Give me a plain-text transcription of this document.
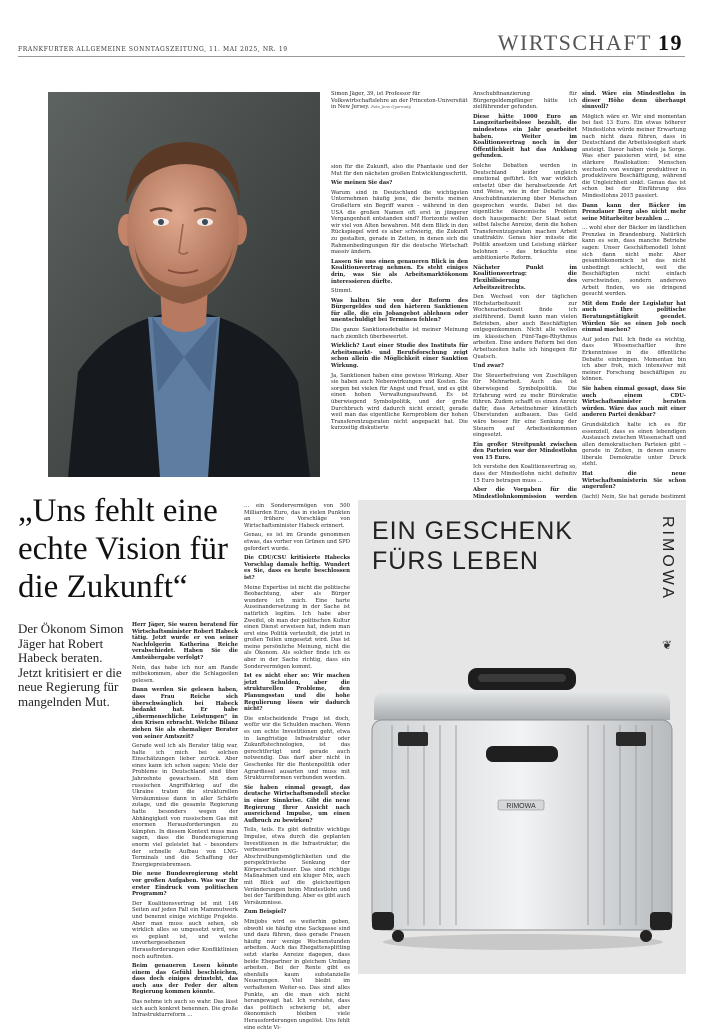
FRANKFURTER ALLGEMEINE SONNTAGSZEITUNG, 11. MAI 2025, NR. 19	WIRTSCHAFT 19
Simon Jäger, 39, ist Professor für Volkswirtschaftslehre an der Princeton-Universität in New Jersey. Foto Jens Gyarmaty

sion für die Zukunft, also die Phantasie und der Mut für den nächsten großen Entwicklungsschritt.

Wie meinen Sie das?

Warum sind in Deutschland die wichtigsten Unternehmen häufig jene, die bereits meinen Großeltern ein Begriff waren – während in den USA die großen Namen oft erst in jüngerer Vergangenheit entstanden sind? Horizonte wollen wir viel von Alten bewahren. Mit dem Blick in den Rückspiegel wird es aber schwierig, die Zukunft zu gestalten, gerade in Zeiten, in denen sich die Rahmenbedingungen für die deutsche Wirtschaft massiv ändern.

Lassen Sie uns einen genaueren Blick in den Koalitionsvertrag nehmen. Es steht einiges drin, was Sie als Arbeitsmarktökonom interessieren dürfte.

Stimmt.

Was halten Sie von der Reform des Bürgergeldes und den härteren Sanktionen für alle, die ein Jobangebot ablehnen oder unentschuldigt bei Terminen fehlen?

Die ganze Sanktionsdebatte ist meiner Meinung nach ziemlich überbewertet.

Wirklich? Laut einer Studie des Instituts für Arbeitsmarkt- und Berufsforschung zeigt schon allein die Möglichkeit einer Sanktion Wirkung.

Ja, Sanktionen haben eine gewisse Wirkung. Aber sie haben auch Nebenwirkungen und Kosten. Sie sorgen bei vielen für Angst und Frust, und es gibt einen hohen Verwaltungsaufwand. Es ist überwiegend Symbolpolitik, und der große Durchbruch wird dadurch nicht erzielt, gerade weil man das eigentliche Kernproblem der hohen Transferentzugsraten nicht angepackt hat. Die kurzzeitig diskutierte

Anschubfinanzierung für Bürgergeldempfänger hätte ich zielführender gefunden.

Diese hätte 1000 Euro an Langzeitarbeitslose bezahlt, die mindestens ein Jahr gearbeitet haben. Weiter im Koalitionsvertrag noch in der Öffentlichkeit hat das Anklang gefunden.

Solche Debatten werden in Deutschland leider ungleich emotional geführt. Ich war wirklich entsetzt über die herabsetzende Art und Weise, wie in der Debatte zur Anschubfinanzierung über Menschen gesprochen wurde. Dabei ist das eigentliche ökonomische Problem doch hausgemacht: Der Staat setzt selbst falsche Anreize, denn die hohen Transferentzugsraten machen Arbeit unattraktiv. Genau hier müsste die Politik ansetzen und Leistung stärker belohnen – das bräuchte eine ambitionierte Reform.

Nächster Punkt im Koalitionsvertrag: die Flexibilisierung des Arbeitszeitrechts.

Den Wechsel von der täglichen Höchstarbeitszeit zur Wochenarbeitszeit finde ich zielführend. Damit kann man vielen Betrieben, aber auch Beschäftigten entgegenkommen. Nicht alle wollen im klassischen Fünf-Tage-Rhythmus arbeiten. Eine andere Reform bei den Arbeitszeiten halte ich hingegen für Quatsch.

Und zwar?

Die Steuerbefreiung von Zuschlägen für Mehrarbeit. Auch das ist überwiegend Symbolpolitik. Die Erfahrung wird zu mehr Bürokratie führen. Zudem schafft es einen Anreiz dafür, dass Arbeitnehmer künstlich Überstunden aufbauen. Das Geld wäre besser für eine Senkung der Steuern auf Arbeitseinkommen eingesetzt.

Ein großer Streitpunkt zwischen den Parteien war der Mindestlohn von 15 Euro.

Ich verstehe den Koalitionsvertrag so, dass der Mindestlohn nicht definitiv 15 Euro betragen muss …

Aber die Vorgaben für die Mindestlohnkommission werden

sind. Wäre ein Mindestlohn in dieser Höhe denn überhaupt sinnvoll?

Möglich wäre er. Wir sind momentan bei fast 13 Euro. Ein etwas höherer Mindestlohn würde meiner Erwartung nach nicht dazu führen, dass in Deutschland die Arbeitslosigkeit stark ansteigt. Davor haben viele ja Sorge. Was eher passieren wird, ist eine stärkere Reallokation: Menschen wechseln von weniger produktiver in produktivere Beschäftigung, während die Ungleichheit sinkt. Genau das ist schon bei der Einführung des Mindestlohns 2015 passiert.

Dann kann der Bäcker im Prenzlauer Berg also nicht mehr seine Mitarbeiter bezahlen …

… wohl eher der Bäcker im ländlichen Prenzlau in Brandenburg. Natürlich kann es sein, dass manche Betriebe sagen: Unser Geschäftsmodell lohnt sich dann nicht mehr. Aber gesamtökonomisch ist das nicht unbedingt schlecht, weil die Beschäftigten nicht einfach verschwinden, sondern anderswo Arbeit finden, wo sie dringend gesucht werden.

Mit dem Ende der Legislatur hat auch Ihre politische Beratungstätigkeit geendet. Würden Sie so einen Job noch einmal machen?

Auf jeden Fall. Ich finde es wichtig, dass Wissenschaftler ihre Erkenntnisse in die öffentliche Debatte einbringen. Momentan bin ich aber froh, mich intensiver mit meiner Forschung beschäftigen zu können.

Sie haben einmal gesagt, dass Sie auch einem CDU-Wirtschaftsminister beraten würden. Wäre das auch mit einer anderen Partei denkbar?

Grundsätzlich halte ich es für essenziell, dass es einen lebendigen Austausch zwischen Wissenschaft und allen demokratischen Parteien gibt – gerade in Zeiten, in denen unsere liberale Demokratie unter Druck steht.

Hat die neue Wirtschaftsministerin Sie schon angerufen?

(lacht) Nein, Sie hat gerade bestimmt

„Uns fehlt eine echte Vision für die Zukunft“
Der Ökonom Simon Jäger hat Robert Habeck beraten. Jetzt kritisiert er die neue Regierung für mangelnden Mut.

Herr Jäger, Sie waren beratend für Wirtschaftsminister Robert Habeck tätig. Jetzt wurde er von seiner Nachfolgerin Katherina Reiche verabschiedet. Haben Sie die Amtsübergabe verfolgt?

Nein, das habe ich nur am Rande mitbekommen, aber die Schlagzeilen gelesen.

Dann werden Sie gelesen haben, dass Frau Reiche sich überschwänglich bei Habeck bedankt hat. Er habe „übermenschliche Leistungen“ in den Krisen erbracht. Welche Bilanz ziehen Sie als ehemaliger Berater von seiner Amtszeit?

Gerade weil ich als Berater tätig war, halte ich mich bei solchen Einschätzungen lieber zurück. Aber eines kann ich schon sagen: Viele der Probleme in Deutschland sind über Jahrzehnte gewachsen. Mit dem russischen Angriffskrieg auf die Ukraine traten die strukturellen Versäumnisse dann in aller Schärfe zutage, und die gesamte Regierung hatte besonders wegen der Abhängigkeit von russischem Gas mit enormen Herausforderungen zu kämpfen. In diesem Kontext muss man sagen, dass die Bundesregierung enorm viel geleistet hat – besonders der schnelle Aufbau von LNG-Terminals und die Schaffung der Energiepreisbremsen.

Die neue Bundesregierung steht vor großen Aufgaben. Was war Ihr erster Eindruck vom politischen Programm?

Der Koalitionsvertrag ist mit 146 Seiten auf jeden Fall ein Mammutwerk und benennt einige wichtige Projekte. Aber man muss auch sehen, ob wirklich alles so umgesetzt wird, wie es geplant ist, und welche unvorhergesehenen Herausforderungen oder Konfliktlinien noch auftreten.

Beim genaueren Lesen könnte einem das Gefühl beschleichen, dass doch einiges drinsteht, das auch aus der Feder der alten Regierung kommen könnte.

Das nehme ich auch so wahr. Das lässt sich auch konkret benennen. Die große Infrastrukturreform …

… ein Sondervermögen von 500 Milliarden Euro, das in vielen Punkten an frühere Vorschläge von Wirtschaftsminister Habeck erinnert.

Genau, es ist im Grunde genommen etwas, das vorher von Grünen und SPD gefordert wurde.

Die CDU/CSU kritisierte Habecks Vorschlag damals heftig. Wundert es Sie, dass es heute beschlossen ist?

Meine Expertise ist nicht die politische Beobachtung, aber als Bürger wundere ich mich. Eine harte Auseinandersetzung in der Sache ist natürlich legitim. Ich habe aber Zweifel, ob man der politischen Kultur einen Dienst erweisen hat, indem man erst eine Politik verteufelt, die jetzt in großen Teilen umgesetzt wird. Das ist meine persönliche Meinung, nicht die als Ökonom. Als solcher finde ich es aber in der Sache richtig, dass ein Sondervermögen kommt.

Ist es nicht eher so: Wir machen jetzt Schulden, aber die strukturellen Probleme, den Planungsstau und die hohe Regulierung lösen wir dadurch nicht?

Die entscheidende Frage ist doch, wofür wir die Schulden machen. Wenn es um echte Investitionen geht, etwa in langfristige Infrastruktur oder Zukunftstechnologien, ist das gerechtfertigt und gerade auch notwendig. Das darf aber nicht in Geschenke für die Rentenpolitik oder Agrardiesel ausarten und muss mit Strukturreformen verbunden werden.

Sie haben einmal gesagt, das deutsche Wirtschaftsmodell stecke in einer Sinnkrise. Gibt die neue Regierung Ihrer Ansicht nach ausreichend Impulse, um einen Aufbruch zu bewirken?

Teils, teils. Es gibt definitiv wichtige Impulse, etwa durch die geplanten Investitionen in die Infrastruktur, die verbesserten Abschreibungsmöglichkeiten und die perspektivische Senkung der Körperschaftsteuer. Das sind richtige Maßnahmen und ein kluger Mix, auch mit Blick auf die gleichzeitigen Veränderungen beim Mindestlohn und bei der Tarifbindung. Aber es gibt auch Versäumnisse.

Zum Beispiel?

Minijobs wird es weiterhin geben, obwohl sie häufig eine Sackgasse sind und dazu führen, dass gerade Frauen häufig nur wenige Wochenstunden arbeiten. Auch das Ehegattensplitting setzt starke Anreize dagegen, dass beide Ehepartner in gleichem Umfang arbeiten. Bei der Rente gibt es ebenfalls kaum substanzielle Neuerungen. Viel bleibt im verhaltenen Weiter-so. Das sind alles Punkte, an die man sich nicht herangewagt hat. Ich verstehe, dass das politisch schwierig ist, aber ökonomisch bleiben viele Herausforderungen ungelöst. Uns fehlt eine echte Vi-

EIN GESCHENK
FÜRS LEBEN	RIMOWA
❦
RIMOWA
